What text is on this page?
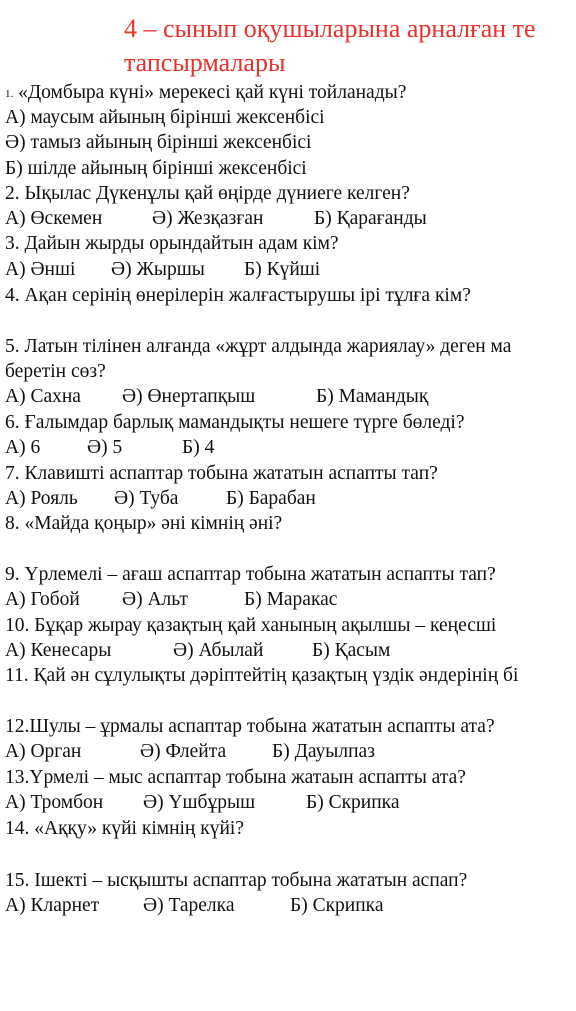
4 – сынып оқушыларына арналған те
тапсырмалары
1. «Домбыра күні» мерекесі қай күні тойланады?
А) маусым айының бірінші жексенбісі
Ә) тамыз айының бірінші жексенбісі
Б) шілде айының бірінші жексенбісі
2. Ықылас Дүкенұлы қай өңірде дүниеге келген?
А) Өскемен	Ә) Жезқазған	Б) Қарағанды
3. Дайын жырды орындайтын адам кім?
А) Әнші Ә) Жыршы Б) Күйші
4. Ақан серінің өнерілерін жалғастырушы ірі тұлға кім?
5. Латын тілінен алғанда «жұрт алдында жариялау» деген ма
беретін сөз?
А) Сахна Ә) Өнертапқыш	Б) Мамандық
6. Ғалымдар барлық мамандықты нешеге түрге бөледі?
А) 6 Ә) 5	Б) 4
7. Клавишті аспаптар тобына жататын аспапты тап?
А) Рояль Ә) Туба Б) Барабан
8. «Майда қоңыр» әні кімнің әні?
9. Үрлемелі – ағаш аспаптар тобына жататын аспапты тап?
А) Гобой Ә) Альт	Б) Маракас
10. Бұқар жырау қазақтың қай ханының ақылшы – кеңесші
А) Кенесары	Ә) Абылай Б) Қасым
11. Қай ән сұлулықты дәріптейтің қазақтың үздік әндерінің бі
12.Шулы – ұрмалы аспаптар тобына жататын аспапты ата?
А) Орган	Ә) Флейта Б) Дауылпаз
13.Үрмелі – мыс аспаптар тобына жатаын аспапты ата?
А) Тромбон Ә) Үшбұрыш	Б) Скрипка
14. «Аққу» күйі кімнің күйі?
15. Ішекті – ысқышты аспаптар тобына жататын аспап?
А) Кларнет Ә) Тарелка	Б) Скрипка
